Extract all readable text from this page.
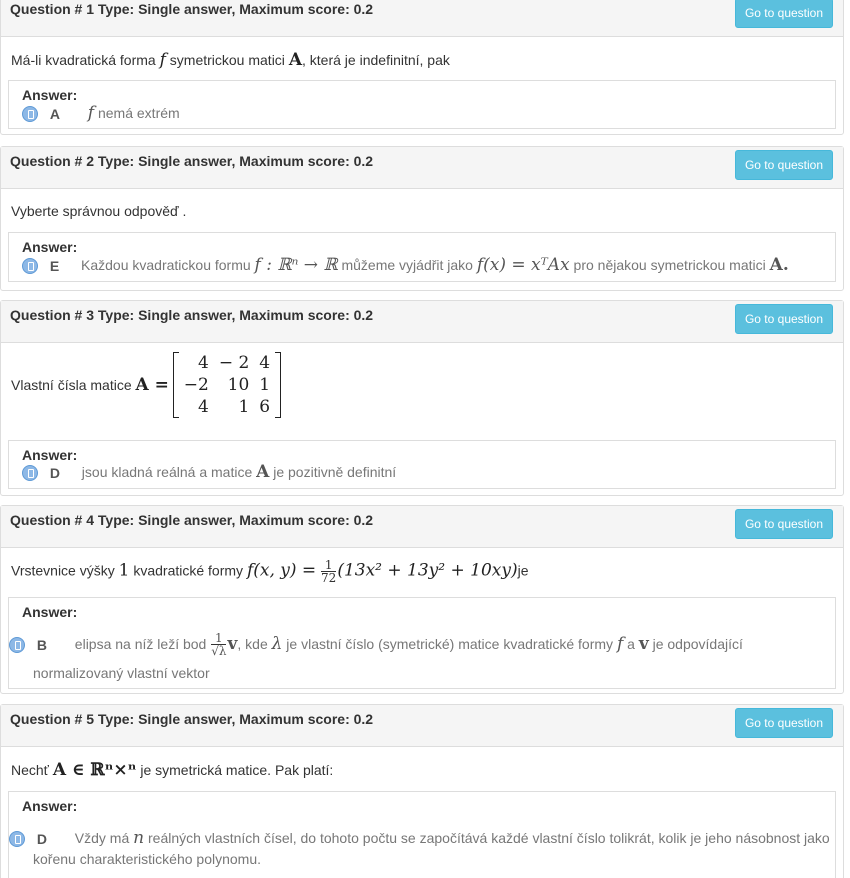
Question # 1 Type: Single answer, Maximum score: 0.2	Go to question
Má-li kvadratická forma f symetrickou matici A, která je indefinitní, pak
Answer:
A f nemá extrém
Question # 2 Type: Single answer, Maximum score: 0.2	Go to question
Vyberte správnou odpověď .
Answer:
E Každou kvadratickou formu f : ℝⁿ → ℝ můžeme vyjádřit jako f(x) = xᵀAx pro nějakou symetrickou matici A.
Question # 3 Type: Single answer, Maximum score: 0.2	Go to question
Vlastní čísla matice A =
4	− 2	4
−2	10	1
4	1	6
Answer:
D jsou kladná reálná a matice A je pozitivně definitní
Question # 4 Type: Single answer, Maximum score: 0.2	Go to question
Vrstevnice výšky 1 kvadratické formy f(x, $y) = \frac{1}{72} (13x^2 + 13y^2 + 10xy)je$
Answer:
B elipsa na níž leží bod $\frac{1}{√\lambda} v$, kde λ je vlastní číslo (symetrické) matice kvadratické formy f a v je odpovídající
normalizovaný vlastní vektor
Question # 5 Type: Single answer, Maximum score: 0.2	Go to question
Nechť A ∈ ℝⁿ×ⁿ je symetrická matice. Pak platí:
Answer:
D Vždy má n reálných vlastních čísel, do tohoto počtu se započítává každé vlastní číslo tolikrát, kolik je jeho násobnost jako
kořenu charakteristického polynomu.
